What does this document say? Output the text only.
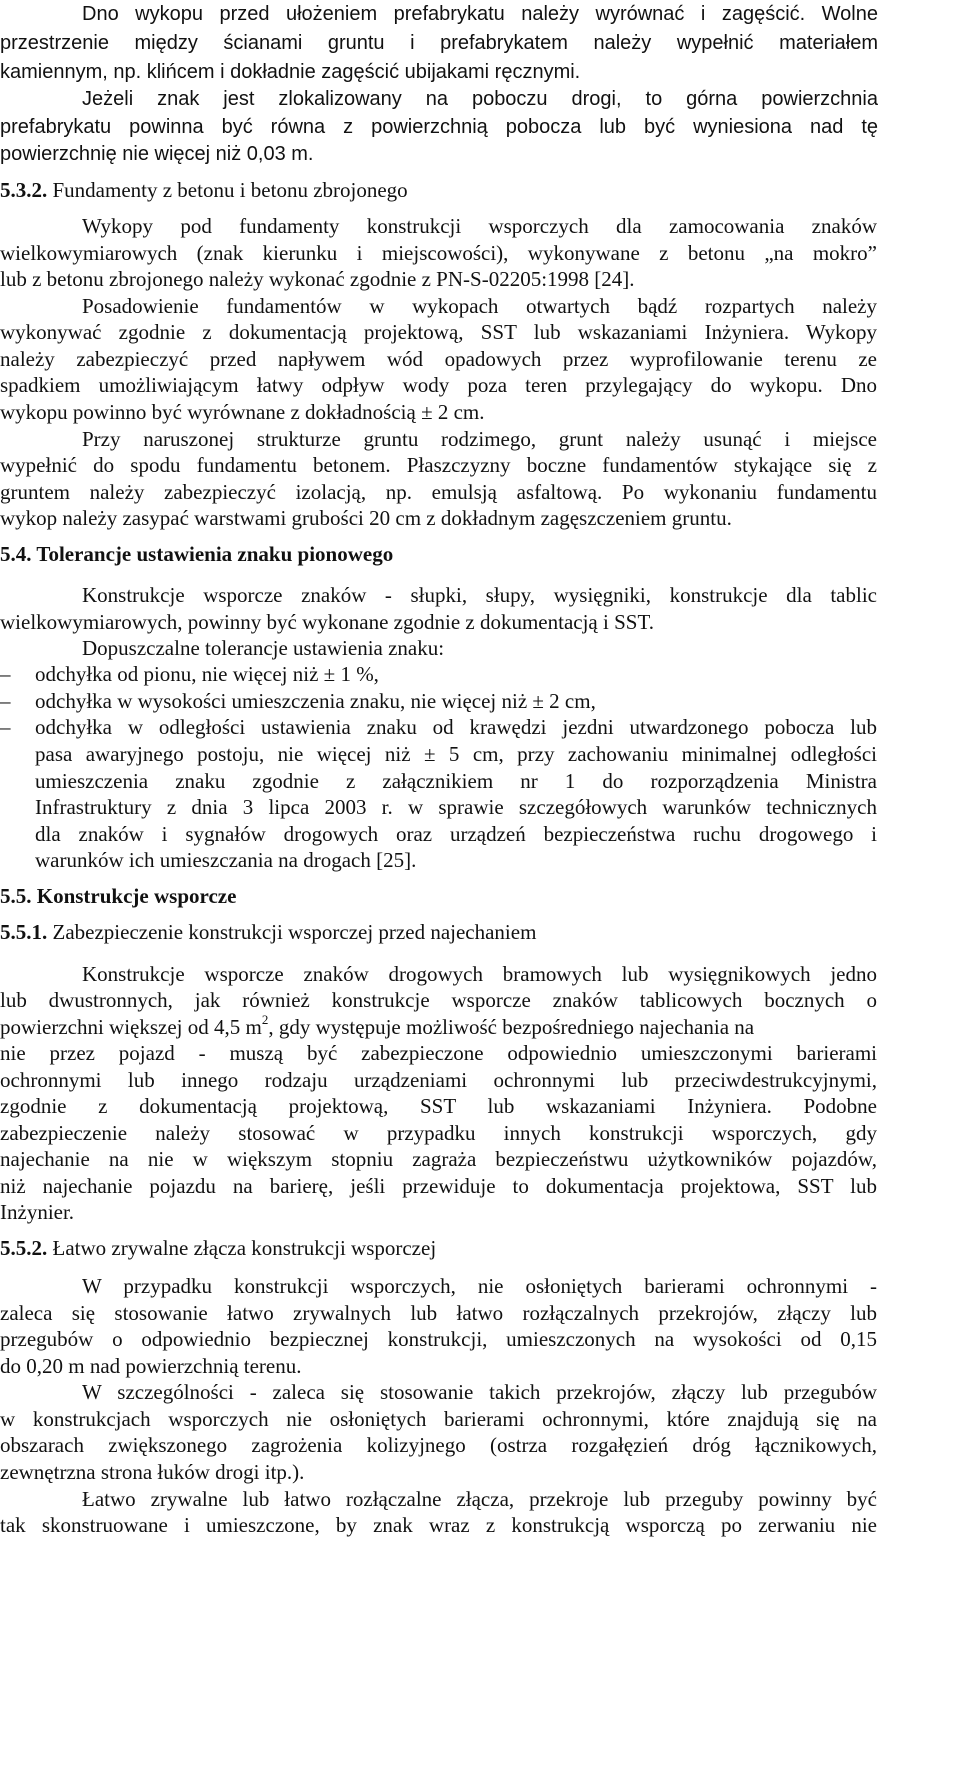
Dno wykopu przed ułożeniem prefabrykatu należy wyrównać i zagęścić. Wolne
przestrzenie między ścianami gruntu i prefabrykatem należy wypełnić materiałem
kamiennym, np. klińcem i dokładnie zagęścić ubijakami ręcznymi.
Jeżeli znak jest zlokalizowany na poboczu drogi, to górna powierzchnia
prefabrykatu powinna być równa z powierzchnią pobocza lub być wyniesiona nad tę
powierzchnię nie więcej niż 0,03 m.
5.3.2. Fundamenty z betonu i betonu zbrojonego
Wykopy pod fundamenty konstrukcji wsporczych dla zamocowania znaków
wielkowymiarowych (znak kierunku i miejscowości), wykonywane z betonu „na mokro”
lub z betonu zbrojonego należy wykonać zgodnie z PN-S-02205:1998 [24].
Posadowienie fundamentów w wykopach otwartych bądź rozpartych należy
wykonywać zgodnie z dokumentacją projektową, SST lub wskazaniami Inżyniera. Wykopy
należy zabezpieczyć przed napływem wód opadowych przez wyprofilowanie terenu ze
spadkiem umożliwiającym łatwy odpływ wody poza teren przylegający do wykopu. Dno
wykopu powinno być wyrównane z dokładnością ± 2 cm.
Przy naruszonej strukturze gruntu rodzimego, grunt należy usunąć i miejsce
wypełnić do spodu fundamentu betonem. Płaszczyzny boczne fundamentów stykające się z
gruntem należy zabezpieczyć izolacją, np. emulsją asfaltową. Po wykonaniu fundamentu
wykop należy zasypać warstwami grubości 20 cm z dokładnym zagęszczeniem gruntu.
5.4. Tolerancje ustawienia znaku pionowego
Konstrukcje wsporcze znaków - słupki, słupy, wysięgniki, konstrukcje dla tablic
wielkowymiarowych, powinny być wykonane zgodnie z dokumentacją i SST.
Dopuszczalne tolerancje ustawienia znaku:
–	odchyłka od pionu, nie więcej niż ± 1 %,
–	odchyłka w wysokości umieszczenia znaku, nie więcej niż ± 2 cm,
–	odchyłka w odległości ustawienia znaku od krawędzi jezdni utwardzonego pobocza lub
pasa awaryjnego postoju, nie więcej niż ± 5 cm, przy zachowaniu minimalnej odległości
umieszczenia znaku zgodnie z załącznikiem nr 1 do rozporządzenia Ministra
Infrastruktury z dnia 3 lipca 2003 r. w sprawie szczegółowych warunków technicznych
dla znaków i sygnałów drogowych oraz urządzeń bezpieczeństwa ruchu drogowego i
warunków ich umieszczania na drogach [25].
5.5. Konstrukcje wsporcze
5.5.1. Zabezpieczenie konstrukcji wsporczej przed najechaniem
Konstrukcje wsporcze znaków drogowych bramowych lub wysięgnikowych jedno
lub dwustronnych, jak również konstrukcje wsporcze znaków tablicowych bocznych o
powierzchni większej od 4,5 $m^2$, gdy występuje możliwość bezpośredniego najechania na
nie przez pojazd - muszą być zabezpieczone odpowiednio umieszczonymi barierami
ochronnymi lub innego rodzaju urządzeniami ochronnymi lub przeciwdestrukcyjnymi,
zgodnie z dokumentacją projektową, SST lub wskazaniami Inżyniera. Podobne
zabezpieczenie należy stosować w przypadku innych konstrukcji wsporczych, gdy
najechanie na nie w większym stopniu zagraża bezpieczeństwu użytkowników pojazdów,
niż najechanie pojazdu na barierę, jeśli przewiduje to dokumentacja projektowa, SST lub
Inżynier.
5.5.2. Łatwo zrywalne złącza konstrukcji wsporczej
W przypadku konstrukcji wsporczych, nie osłoniętych barierami ochronnymi -
zaleca się stosowanie łatwo zrywalnych lub łatwo rozłączalnych przekrojów, złączy lub
przegubów o odpowiednio bezpiecznej konstrukcji, umieszczonych na wysokości od 0,15
do 0,20 m nad powierzchnią terenu.
W szczególności - zaleca się stosowanie takich przekrojów, złączy lub przegubów
w konstrukcjach wsporczych nie osłoniętych barierami ochronnymi, które znajdują się na
obszarach zwiększonego zagrożenia kolizyjnego (ostrza rozgałęzień dróg łącznikowych,
zewnętrzna strona łuków drogi itp.).
Łatwo zrywalne lub łatwo rozłączalne złącza, przekroje lub przeguby powinny być
tak skonstruowane i umieszczone, by znak wraz z konstrukcją wsporczą po zerwaniu nie
